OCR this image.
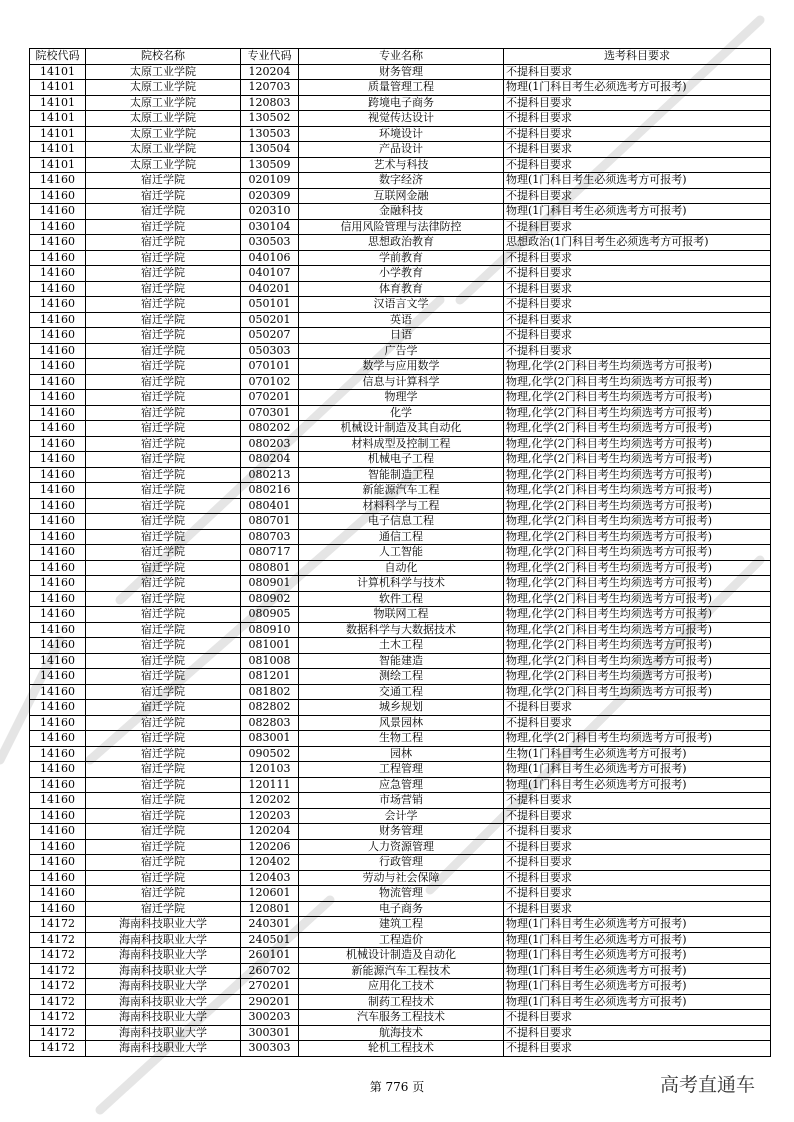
院校代码	院校名称	专业代码	专业名称	选考科目要求
14101	太原工业学院	120204	财务管理	不提科目要求
14101	太原工业学院	120703	质量管理工程	物理(1门科目考生必须选考方可报考)
14101	太原工业学院	120803	跨境电子商务	不提科目要求
14101	太原工业学院	130502	视觉传达设计	不提科目要求
14101	太原工业学院	130503	环境设计	不提科目要求
14101	太原工业学院	130504	产品设计	不提科目要求
14101	太原工业学院	130509	艺术与科技	不提科目要求
14160	宿迁学院	020109	数字经济	物理(1门科目考生必须选考方可报考)
14160	宿迁学院	020309	互联网金融	不提科目要求
14160	宿迁学院	020310	金融科技	物理(1门科目考生必须选考方可报考)
14160	宿迁学院	030104	信用风险管理与法律防控	不提科目要求
14160	宿迁学院	030503	思想政治教育	思想政治(1门科目考生必须选考方可报考)
14160	宿迁学院	040106	学前教育	不提科目要求
14160	宿迁学院	040107	小学教育	不提科目要求
14160	宿迁学院	040201	体育教育	不提科目要求
14160	宿迁学院	050101	汉语言文学	不提科目要求
14160	宿迁学院	050201	英语	不提科目要求
14160	宿迁学院	050207	日语	不提科目要求
14160	宿迁学院	050303	广告学	不提科目要求
14160	宿迁学院	070101	数学与应用数学	物理,化学(2门科目考生均须选考方可报考)
14160	宿迁学院	070102	信息与计算科学	物理,化学(2门科目考生均须选考方可报考)
14160	宿迁学院	070201	物理学	物理,化学(2门科目考生均须选考方可报考)
14160	宿迁学院	070301	化学	物理,化学(2门科目考生均须选考方可报考)
14160	宿迁学院	080202	机械设计制造及其自动化	物理,化学(2门科目考生均须选考方可报考)
14160	宿迁学院	080203	材料成型及控制工程	物理,化学(2门科目考生均须选考方可报考)
14160	宿迁学院	080204	机械电子工程	物理,化学(2门科目考生均须选考方可报考)
14160	宿迁学院	080213	智能制造工程	物理,化学(2门科目考生均须选考方可报考)
14160	宿迁学院	080216	新能源汽车工程	物理,化学(2门科目考生均须选考方可报考)
14160	宿迁学院	080401	材料科学与工程	物理,化学(2门科目考生均须选考方可报考)
14160	宿迁学院	080701	电子信息工程	物理,化学(2门科目考生均须选考方可报考)
14160	宿迁学院	080703	通信工程	物理,化学(2门科目考生均须选考方可报考)
14160	宿迁学院	080717	人工智能	物理,化学(2门科目考生均须选考方可报考)
14160	宿迁学院	080801	自动化	物理,化学(2门科目考生均须选考方可报考)
14160	宿迁学院	080901	计算机科学与技术	物理,化学(2门科目考生均须选考方可报考)
14160	宿迁学院	080902	软件工程	物理,化学(2门科目考生均须选考方可报考)
14160	宿迁学院	080905	物联网工程	物理,化学(2门科目考生均须选考方可报考)
14160	宿迁学院	080910	数据科学与大数据技术	物理,化学(2门科目考生均须选考方可报考)
14160	宿迁学院	081001	土木工程	物理,化学(2门科目考生均须选考方可报考)
14160	宿迁学院	081008	智能建造	物理,化学(2门科目考生均须选考方可报考)
14160	宿迁学院	081201	测绘工程	物理,化学(2门科目考生均须选考方可报考)
14160	宿迁学院	081802	交通工程	物理,化学(2门科目考生均须选考方可报考)
14160	宿迁学院	082802	城乡规划	不提科目要求
14160	宿迁学院	082803	风景园林	不提科目要求
14160	宿迁学院	083001	生物工程	物理,化学(2门科目考生均须选考方可报考)
14160	宿迁学院	090502	园林	生物(1门科目考生必须选考方可报考)
14160	宿迁学院	120103	工程管理	物理(1门科目考生必须选考方可报考)
14160	宿迁学院	120111	应急管理	物理(1门科目考生必须选考方可报考)
14160	宿迁学院	120202	市场营销	不提科目要求
14160	宿迁学院	120203	会计学	不提科目要求
14160	宿迁学院	120204	财务管理	不提科目要求
14160	宿迁学院	120206	人力资源管理	不提科目要求
14160	宿迁学院	120402	行政管理	不提科目要求
14160	宿迁学院	120403	劳动与社会保障	不提科目要求
14160	宿迁学院	120601	物流管理	不提科目要求
14160	宿迁学院	120801	电子商务	不提科目要求
14172	海南科技职业大学	240301	建筑工程	物理(1门科目考生必须选考方可报考)
14172	海南科技职业大学	240501	工程造价	物理(1门科目考生必须选考方可报考)
14172	海南科技职业大学	260101	机械设计制造及自动化	物理(1门科目考生必须选考方可报考)
14172	海南科技职业大学	260702	新能源汽车工程技术	物理(1门科目考生必须选考方可报考)
14172	海南科技职业大学	270201	应用化工技术	物理(1门科目考生必须选考方可报考)
14172	海南科技职业大学	290201	制药工程技术	物理(1门科目考生必须选考方可报考)
14172	海南科技职业大学	300203	汽车服务工程技术	不提科目要求
14172	海南科技职业大学	300301	航海技术	不提科目要求
14172	海南科技职业大学	300303	轮机工程技术	不提科目要求
第 776 页	高考直通车
